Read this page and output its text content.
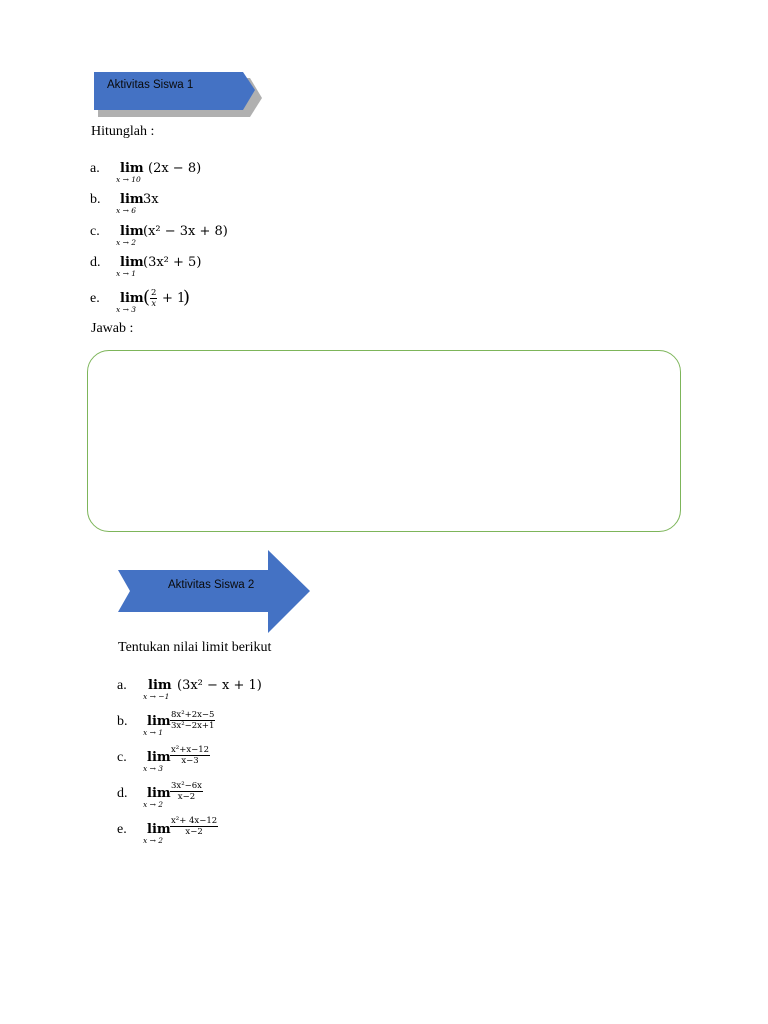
Aktivitas Siswa 1
Hitunglah :
a. lim
x → 10
(2x − 8)
b. lim
x → 6
3x
c. lim
x → 2
(x² − 3x + 8)
d. lim
x → 1
(3x² + 5)
e. lim
x → 3
( $\frac{2}{x} + 1$
)
Jawab :
Aktivitas Siswa 2
Tentukan nilai limit berikut
a. lim
x → −1
(3x² − x + 1)
b. lim
x → 1
$\frac{\text{8x²+2x−5}}{\text{3x²−2x+1}}$
c. lim
x → 3
$\frac{\text{x²+x−12}}{x-3}$
d. lim
x → 2
$\frac{\text{3x²−6x}}{x-2}$
e. lim
x → 2
$\frac{\text{x²+ 4x−12}}{x-2}$
